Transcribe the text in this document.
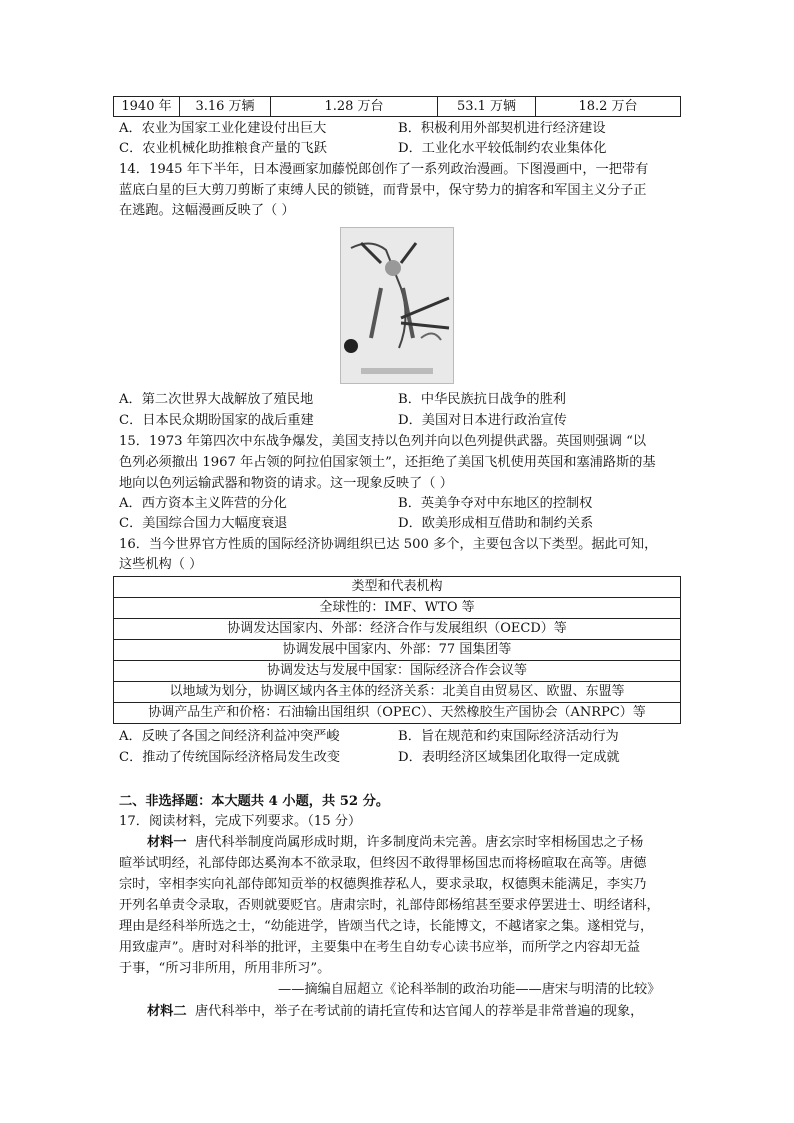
1940 年	3.16 万辆	1.28 万台	53.1 万辆	18.2 万台
A．农业为国家工业化建设付出巨大	B．积极利用外部契机进行经济建设
C．农业机械化助推粮食产量的飞跃	D．工业化水平较低制约农业集体化
14．1945 年下半年，日本漫画家加藤悦郎创作了一系列政治漫画。下图漫画中，一把带有
蓝底白星的巨大剪刀剪断了束缚人民的锁链，而背景中，保守势力的掮客和军国主义分子正
在逃跑。这幅漫画反映了（ ）
A．第二次世界大战解放了殖民地	B．中华民族抗日战争的胜利
C．日本民众期盼国家的战后重建	D．美国对日本进行政治宣传
15．1973 年第四次中东战争爆发，美国支持以色列并向以色列提供武器。英国则强调 “以
色列必须撤出 1967 年占领的阿拉伯国家领土”，还拒绝了美国飞机使用英国和塞浦路斯的基
地向以色列运输武器和物资的请求。这一现象反映了（ ）
A．西方资本主义阵营的分化	B．英美争夺对中东地区的控制权
C．美国综合国力大幅度衰退	D．欧美形成相互借助和制约关系
16．当今世界官方性质的国际经济协调组织已达 500 多个，主要包含以下类型。据此可知，
这些机构（ ）
类型和代表机构
全球性的：IMF、WTO 等
协调发达国家内、外部：经济合作与发展组织（OECD）等
协调发展中国家内、外部：77 国集团等
协调发达与发展中国家：国际经济合作会议等
以地域为划分，协调区域内各主体的经济关系：北美自由贸易区、欧盟、东盟等
协调产品生产和价格：石油输出国组织（OPEC）、天然橡胶生产国协会（ANRPC）等
A．反映了各国之间经济利益冲突严峻	B．旨在规范和约束国际经济活动行为
C．推动了传统国际经济格局发生改变	D．表明经济区域集团化取得一定成就
二、非选择题：本大题共 4 小题，共 52 分。
17．阅读材料，完成下列要求。（15 分）
材料一 唐代科举制度尚属形成时期，许多制度尚未完善。唐玄宗时宰相杨国忠之子杨
暄举试明经，礼部侍郎达奚洵本不欲录取，但终因不敢得罪杨国忠而将杨暄取在高等。唐德
宗时，宰相李实向礼部侍郎知贡举的权德舆推荐私人，要求录取，权德舆未能满足，李实乃
开列名单责令录取，否则就要贬官。唐肃宗时，礼部侍郎杨绾甚至要求停罢进士、明经诸科，
理由是经科举所选之士，“幼能进学，皆颂当代之诗，长能博文，不越诸家之集。遂相党与，
用致虚声”。唐时对科举的批评，主要集中在考生自幼专心读书应举，而所学之内容却无益
于事，“所习非所用，所用非所习”。
——摘编自屈超立《论科举制的政治功能——唐宋与明清的比较》
材料二 唐代科举中，举子在考试前的请托宣传和达官闻人的荐举是非常普遍的现象，
